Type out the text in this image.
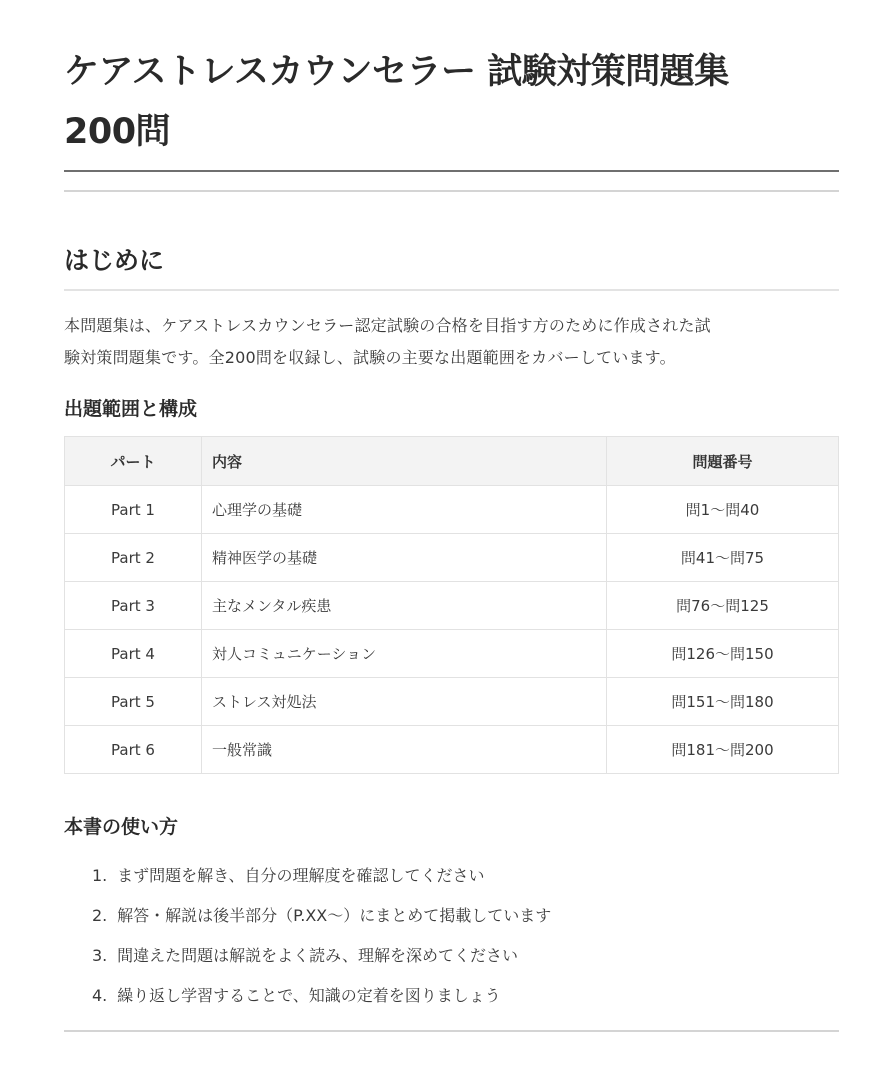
ケアストレスカウンセラー 試験対策問題集
200問
はじめに

本問題集は、ケアストレスカウンセラー認定試験の合格を目指す方のために作成された試
験対策問題集です。全200問を収録し、試験の主要な出題範囲をカバーしています。

出題範囲と構成
パート	内容	問題番号
Part 1	心理学の基礎	問1〜問40
Part 2	精神医学の基礎	問41〜問75
Part 3	主なメンタル疾患	問76〜問125
Part 4	対人コミュニケーション	問126〜問150
Part 5	ストレス対処法	問151〜問180
Part 6	一般常識	問181〜問200
本書の使い方
1. まず問題を解き、自分の理解度を確認してください
2. 解答・解説は後半部分（P.XX〜）にまとめて掲載しています
3. 間違えた問題は解説をよく読み、理解を深めてください
4. 繰り返し学習することで、知識の定着を図りましょう
